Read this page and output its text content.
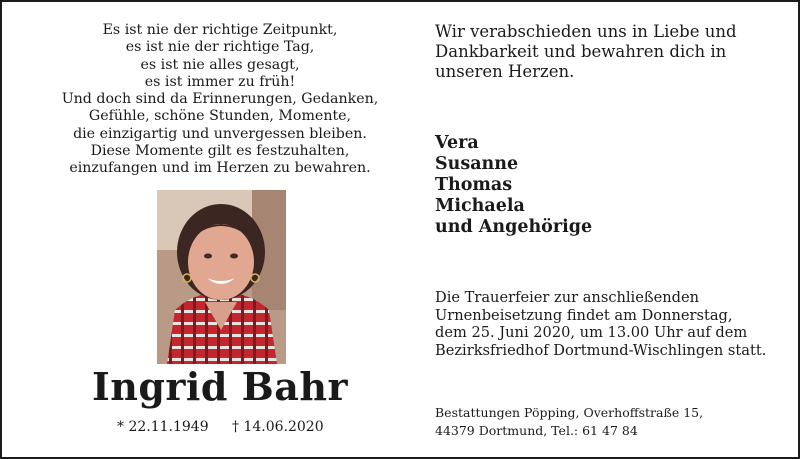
Es ist nie der richtige Zeitpunkt,
es ist nie der richtige Tag,
es ist nie alles gesagt,
es ist immer zu früh!
Und doch sind da Erinnerungen, Gedanken,
Gefühle, schöne Stunden, Momente,
die einzigartig und unvergessen bleiben.
Diese Momente gilt es festzuhalten,
einzufangen und im Herzen zu bewahren.
Ingrid Bahr
* 22.11.1949 † 14.06.2020
Wir verabschieden uns in Liebe und
Dankbarkeit und bewahren dich in
unseren Herzen.
Vera
Susanne
Thomas
Michaela
und Angehörige
Die Trauerfeier zur anschließenden
Urnenbeisetzung findet am Donnerstag,
dem 25. Juni 2020, um 13.00 Uhr auf dem
Bezirksfriedhof Dortmund-Wischlingen statt.
Bestattungen Pöpping, Overhoffstraße 15,
44379 Dortmund, Tel.: 61 47 84
